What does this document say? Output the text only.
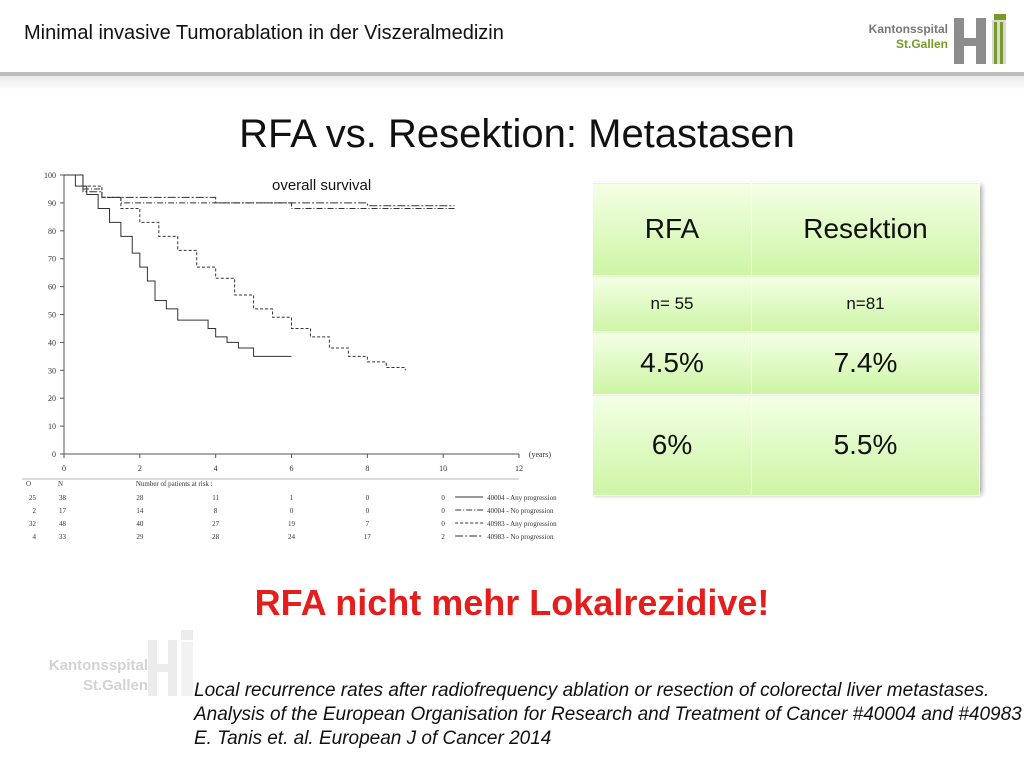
Minimal invasive Tumorablation in der Viszeralmedizin	Kantonsspital
St.Gallen
RFA vs. Resektion: Metastasen
RFA	Resektion
n= 55	n=81
4.5%	7.4%
6%	5.5%
0
10
20
30
40
50
60
70
80
90
100
0	2	4	6	8	10	12
(years)
O	N	Number of patients at risk :
25	38	28	11	1	0	0	40004 - Any progression
2	17	14	8	0	0	0	40004 - No progression
32	48	40	27	19	7	0	40983 - Any progression
4	33	29	28	24	17	2	40983 - No progression
overall survival
Kantonsspital
St.Gallen
RFA nicht mehr Lokalrezidive!
Local recurrence rates after radiofrequency ablation or resection of colorectal liver metastases. Analysis of the European Organisation for Research and Treatment of Cancer #40004 and #40983 E. Tanis et. al. European J of Cancer 2014
